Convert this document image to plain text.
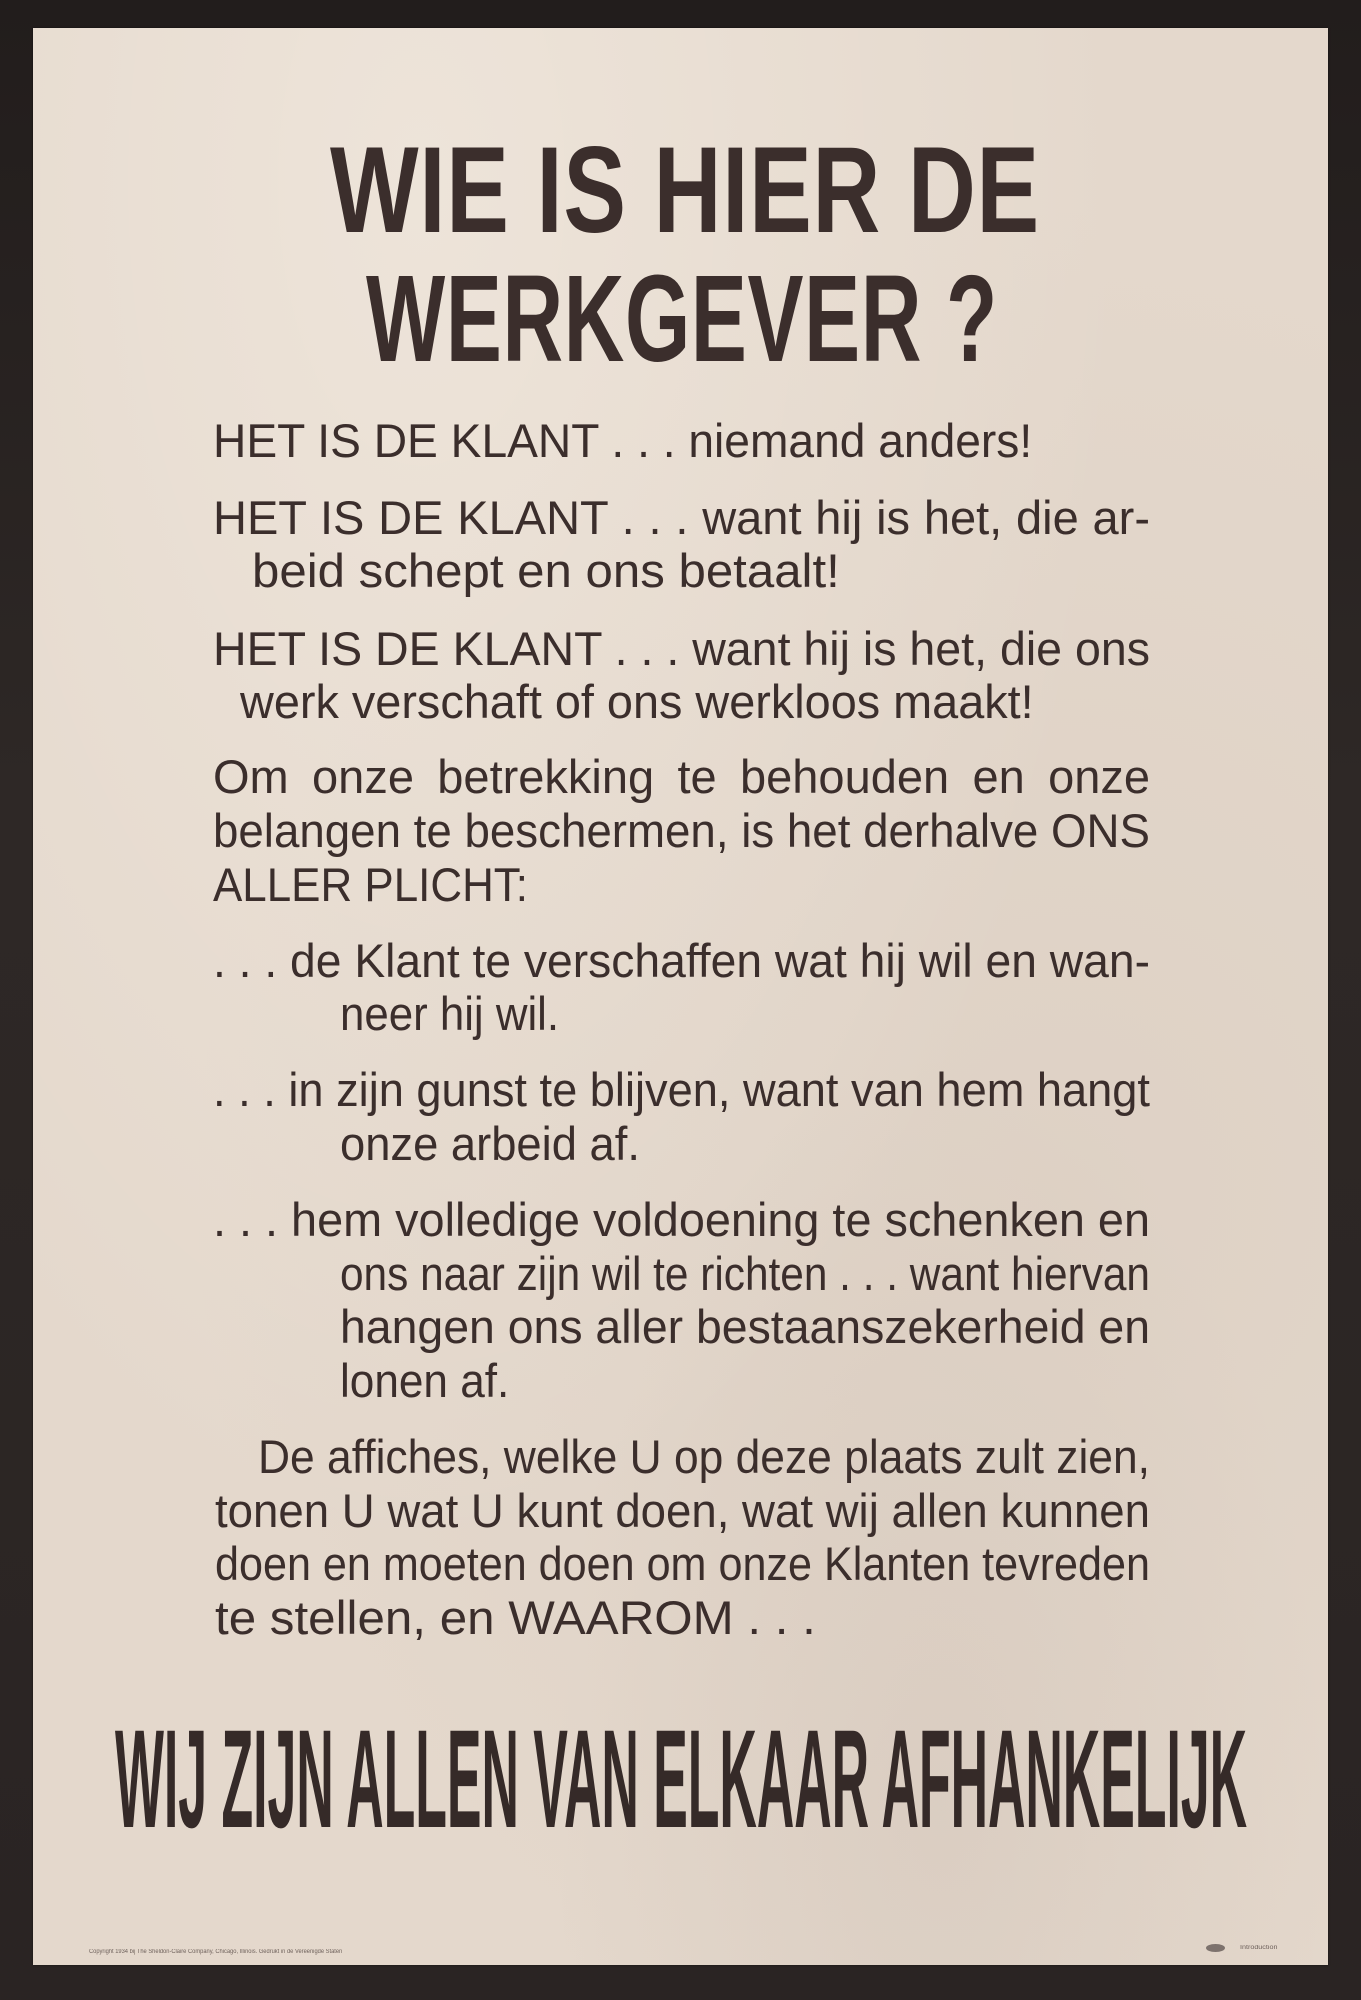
WIE IS HIER DE
WERKGEVER ?
HET IS DE KLANT . . . niemand anders!
HET IS DE KLANT . . . want hij is het, die ar-
beid schept en ons betaalt!
HET IS DE KLANT . . . want hij is het, die ons
werk verschaft of ons werkloos maakt!
Om onze betrekking te behouden en onze
belangen te beschermen, is het derhalve ONS
ALLER PLICHT:
. . . de Klant te verschaffen wat hij wil en wan-
neer hij wil.
. . . in zijn gunst te blijven, want van hem hangt
onze arbeid af.
. . . hem volledige voldoening te schenken en
ons naar zijn wil te richten . . . want hiervan
hangen ons aller bestaanszekerheid en
lonen af.
De affiches, welke U op deze plaats zult zien,
tonen U wat U kunt doen, wat wij allen kunnen
doen en moeten doen om onze Klanten tevreden
te stellen, en WAAROM . . .
WIJ ZIJN ALLEN VAN ELKAAR AFHANKELIJK
Copyright 1934 bij The Sheldon-Claire Company, Chicago, Illinois. Gedrukt in de Vereenigde Staten
Introduction
